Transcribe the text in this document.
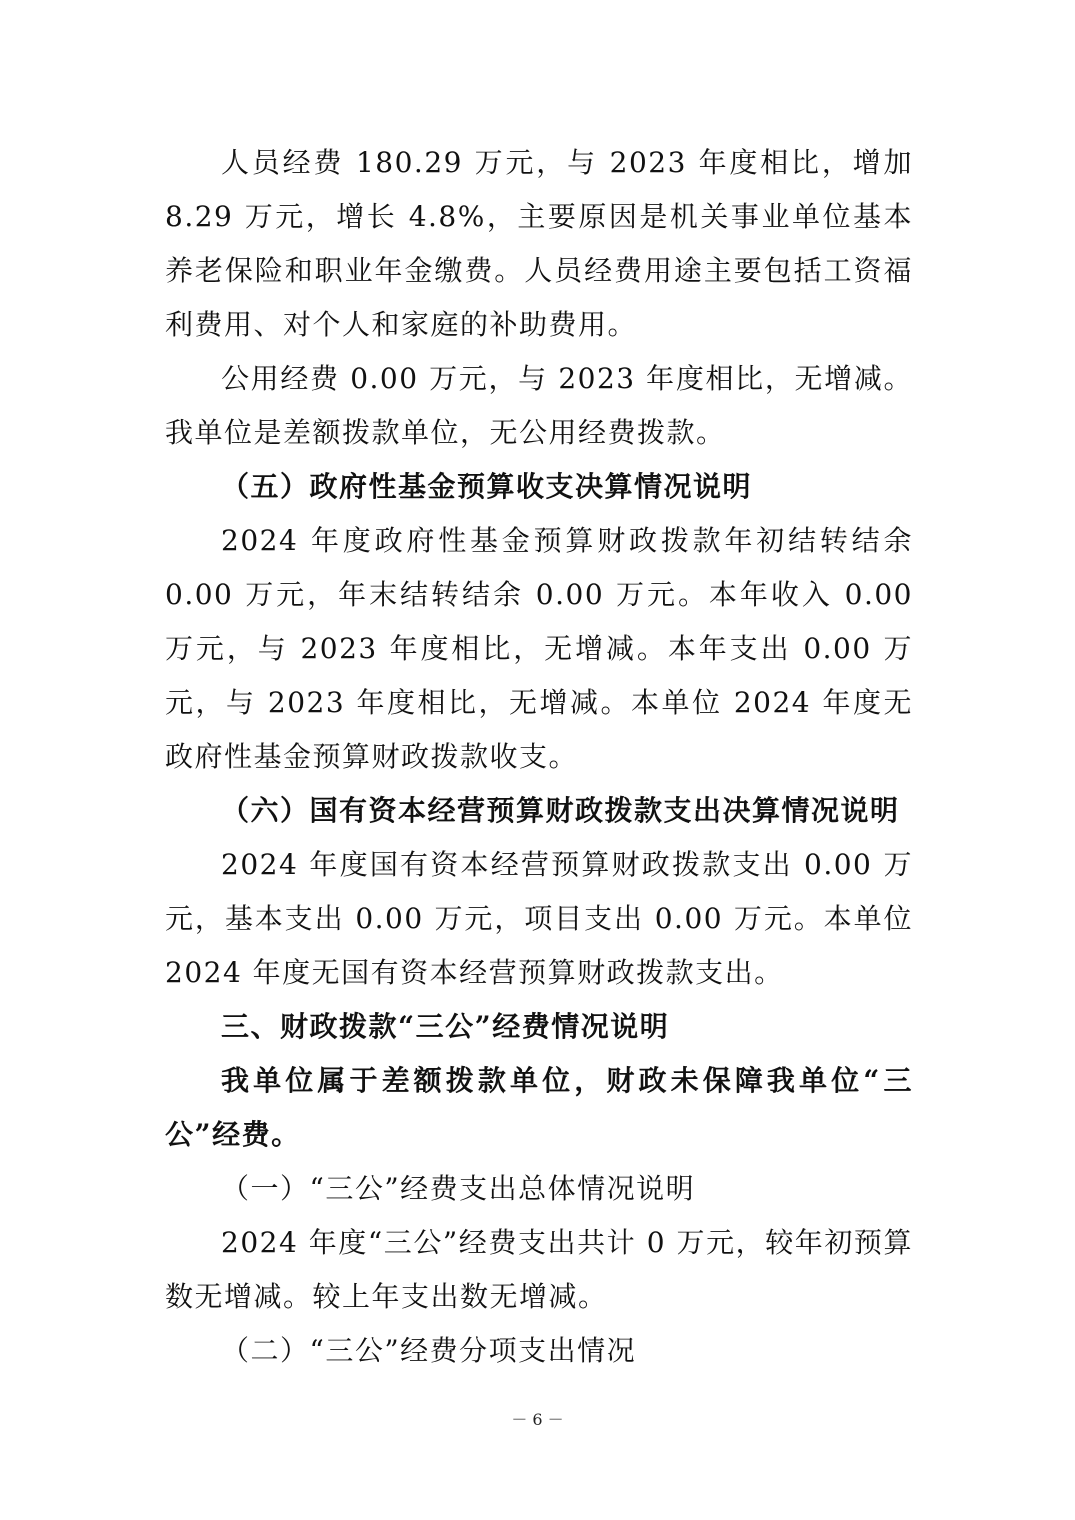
人员经费 180.29 万元，与 2023 年度相比，增加 8.29 万元，增长 4.8%，主要原因是机关事业单位基本养老保险和职业年金缴费。人员经费用途主要包括工资福利费用、对个人和家庭的补助费用。

公用经费 0.00 万元，与 2023 年度相比，无增减。我单位是差额拨款单位，无公用经费拨款。

（五）政府性基金预算收支决算情况说明

2024 年度政府性基金预算财政拨款年初结转结余 0.00 万元，年末结转结余 0.00 万元。本年收入 0.00 万元，与 2023 年度相比，无增减。本年支出 0.00 万元，与 2023 年度相比，无增减。本单位 2024 年度无政府性基金预算财政拨款收支。

（六）国有资本经营预算财政拨款支出决算情况说明

2024 年度国有资本经营预算财政拨款支出 0.00 万元，基本支出 0.00 万元，项目支出 0.00 万元。本单位 2024 年度无国有资本经营预算财政拨款支出。

三、财政拨款“三公”经费情况说明

我单位属于差额拨款单位，财政未保障我单位“三公”经费。

（一）“三公”经费支出总体情况说明

2024 年度“三公”经费支出共计 0 万元，较年初预算数无增减。较上年支出数无增减。

（二）“三公”经费分项支出情况

－ 6 －
